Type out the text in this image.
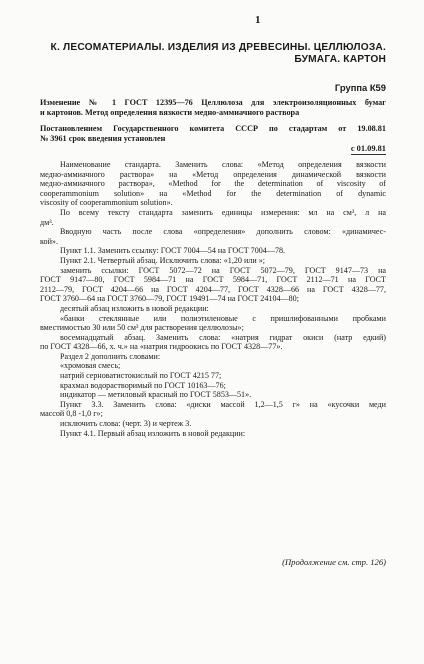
1
К. ЛЕСОМАТЕРИАЛЫ. ИЗДЕЛИЯ ИЗ ДРЕВЕСИНЫ. ЦЕЛЛЮЛОЗА.
БУМАГА. КАРТОН
Группа К59
Изменение № 1 ГОСТ 12395—76 Целлюлоза для электроизоляционных бумаг
и картонов. Метод определения вязкости медно-аммиачного раствора
Постановлением Государственного комитета СССР по стадартам от 19.08.81
№ 3961 срок введения установлен
с 01.09.81
Наименование стандарта. Заменить слова: «Метод определения вязкости
медно-аммиачного раствора» на «Метод определения динамической вязкости
медно-аммиачного раствора», «Method for the determination of viscosity of
cooperammonium solution» на «Method for the determination of dynamic
viscosity of cooperammonium solution».
По всему тексту стандарта заменить единицы измерения: мл на см³, л на
дм³.
Вводную часть после слова «определения» дополнить словом: «динамичес-
кой».
Пункт 1.1. Заменить ссылку: ГОСТ 7004—54 на ГОСТ 7004—78.
Пункт 2.1. Четвертый абзац. Исключить слова: «1,20 или »;
заменить ссылки: ГОСТ 5072—72 на ГОСТ 5072—79, ГОСТ 9147—73 на
ГОСТ 9147—80, ГОСТ 5984—71 на ГОСТ 5984—71, ГОСТ 2112—71 на ГОСТ
2112—79, ГОСТ 4204—66 на ГОСТ 4204—77, ГОСТ 4328—66 на ГОСТ 4328—77,
ГОСТ 3760—64 на ГОСТ 3760—79, ГОСТ 19491—74 на ГОСТ 24104—80;
десятый абзац изложить в новой редакции:
«банки стеклянные или полиэтиленовые с пришлифованными пробками
вместимостью 30 или 50 см³ для растворения целлюлозы»;
восемнадцатый абзац. Заменить слова: «натрия гидрат окиси (натр едкий)
по ГОСТ 4328—66, х. ч.» на «натрия гидроокись по ГОСТ 4328—77».
Раздел 2 дополнить словами:
«хромовая смесь;
натрий серноватистокислый по ГОСТ 4215 77;
крахмал водорастворимый по ГОСТ 10163—76;
индикатор — метиловый красный по ГОСТ 5853—51».
Пункт 3.3. Заменить слова: «диски массой 1,2—1,5 г» на «кусочки меди
массой 0,8 -1,0 г»;
исключить слова: (черт. 3) и чертеж 3.
Пункт 4.1. Первый абзац изложить в новой редакции:
(Продолжение см. стр. 126)
